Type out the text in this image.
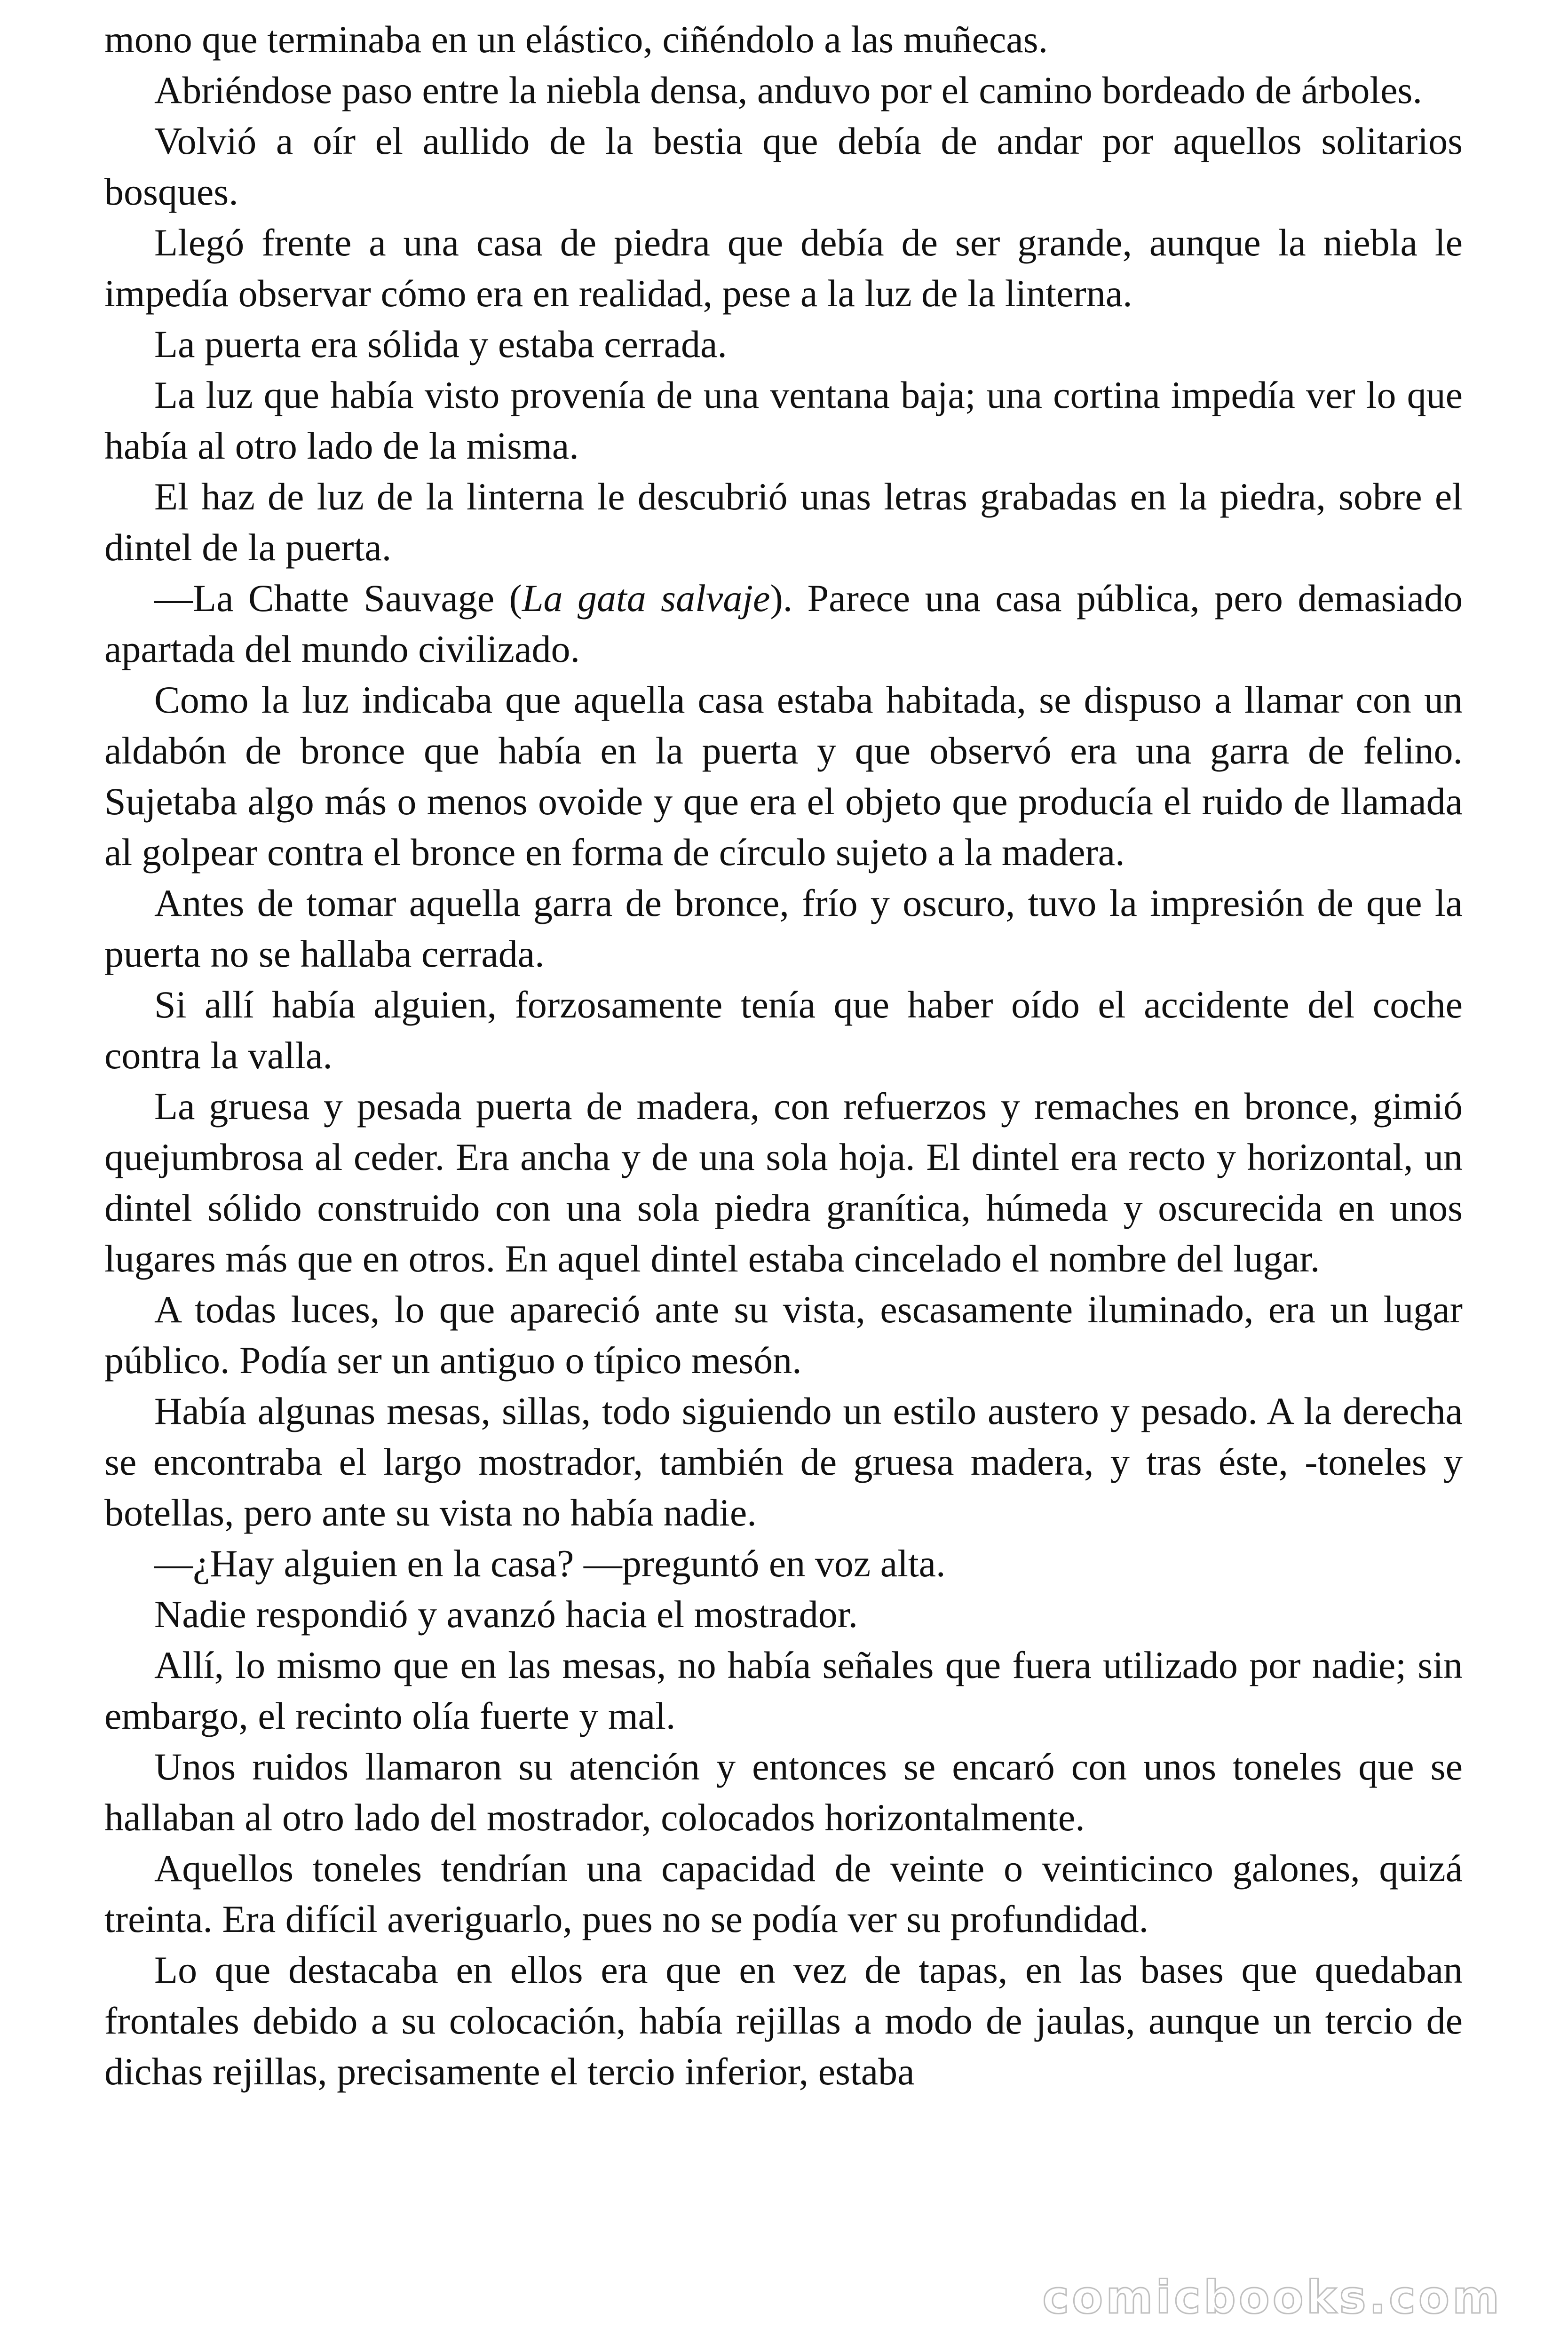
mono que terminaba en un elástico, ciñéndolo a las muñecas.

Abriéndose paso entre la niebla densa, anduvo por el camino bordeado de árboles.

Volvió a oír el aullido de la bestia que debía de andar por aquellos solitarios bosques.

Llegó frente a una casa de piedra que debía de ser grande, aunque la niebla le impedía observar cómo era en realidad, pese a la luz de la linterna.

La puerta era sólida y estaba cerrada.

La luz que había visto provenía de una ventana baja; una cortina impedía ver lo que había al otro lado de la misma.

El haz de luz de la linterna le descubrió unas letras grabadas en la piedra, sobre el dintel de la puerta.

—La Chatte Sauvage (La gata salvaje). Parece una casa pública, pero demasiado apartada del mundo civilizado.

Como la luz indicaba que aquella casa estaba habitada, se dispuso a llamar con un aldabón de bronce que había en la puerta y que observó era una garra de felino. Sujetaba algo más o menos ovoide y que era el objeto que producía el ruido de llamada al golpear contra el bronce en forma de círculo sujeto a la madera.

Antes de tomar aquella garra de bronce, frío y oscuro, tuvo la impresión de que la puerta no se hallaba cerrada.

Si allí había alguien, forzosamente tenía que haber oído el accidente del coche contra la valla.

La gruesa y pesada puerta de madera, con refuerzos y remaches en bronce, gimió quejumbrosa al ceder. Era ancha y de una sola hoja. El dintel era recto y horizontal, un dintel sólido construido con una sola piedra granítica, húmeda y oscurecida en unos lugares más que en otros. En aquel dintel estaba cincelado el nombre del lugar.

A todas luces, lo que apareció ante su vista, escasamente iluminado, era un lugar público. Podía ser un antiguo o típico mesón.

Había algunas mesas, sillas, todo siguiendo un estilo austero y pesado. A la derecha se encontraba el largo mostrador, también de gruesa madera, y tras éste, -toneles y botellas, pero ante su vista no había nadie.

—¿Hay alguien en la casa? —preguntó en voz alta.

Nadie respondió y avanzó hacia el mostrador.

Allí, lo mismo que en las mesas, no había señales que fuera utilizado por nadie; sin embargo, el recinto olía fuerte y mal.

Unos ruidos llamaron su atención y entonces se encaró con unos toneles que se hallaban al otro lado del mostrador, colocados horizontalmente.

Aquellos toneles tendrían una capacidad de veinte o veinticinco galones, quizá treinta. Era difícil averiguarlo, pues no se podía ver su profundidad.

Lo que destacaba en ellos era que en vez de tapas, en las bases que quedaban frontales debido a su colocación, había rejillas a modo de jaulas, aunque un tercio de dichas rejillas, precisamente el tercio inferior, estaba

comicbooks.com
